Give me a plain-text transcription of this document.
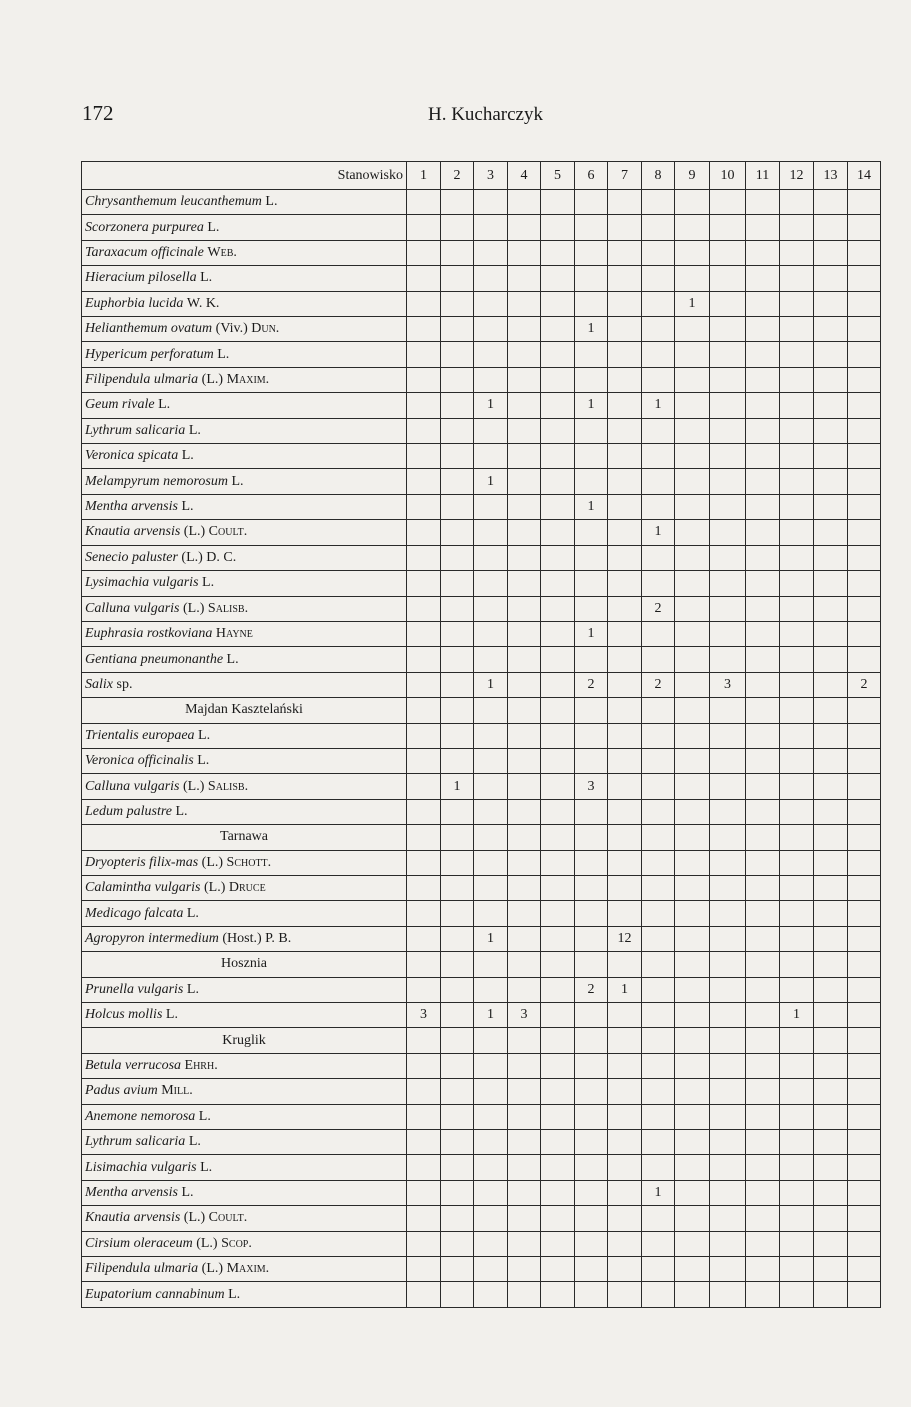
172	H. Kucharczyk
Stanowisko	1	2	3	4	5	6	7	8	9	10	11	12	13	14
Chrysanthemum leucanthemum L.														
Scorzonera purpurea L.														
Taraxacum officinale Web.														
Hieracium pilosella L.														
Euphorbia lucida W. K.									1					
Helianthemum ovatum (Viv.) Dun.						1								
Hypericum perforatum L.														
Filipendula ulmaria (L.) Maxim.														
Geum rivale L.			1			1		1						
Lythrum salicaria L.														
Veronica spicata L.														
Melampyrum nemorosum L.			1											
Mentha arvensis L.						1								
Knautia arvensis (L.) Coult.								1						
Senecio paluster (L.) D. C.														
Lysimachia vulgaris L.														
Calluna vulgaris (L.) Salisb.								2						
Euphrasia rostkoviana Hayne						1								
Gentiana pneumonanthe L.														
Salix sp.			1			2		2		3				2
Majdan Kasztelański														
Trientalis europaea L.														
Veronica officinalis L.														
Calluna vulgaris (L.) Salisb.		1				3								
Ledum palustre L.														
Tarnawa														
Dryopteris filix-mas (L.) Schott.														
Calamintha vulgaris (L.) Druce														
Medicago falcata L.														
Agropyron intermedium (Host.) P. B.			1				12							
Hosznia														
Prunella vulgaris L.						2	1							
Holcus mollis L.	3		1	3								1		
Kruglik														
Betula verrucosa Ehrh.														
Padus avium Mill.														
Anemone nemorosa L.														
Lythrum salicaria L.														
Lisimachia vulgaris L.														
Mentha arvensis L.								1						
Knautia arvensis (L.) Coult.														
Cirsium oleraceum (L.) Scop.														
Filipendula ulmaria (L.) Maxim.														
Eupatorium cannabinum L.														
